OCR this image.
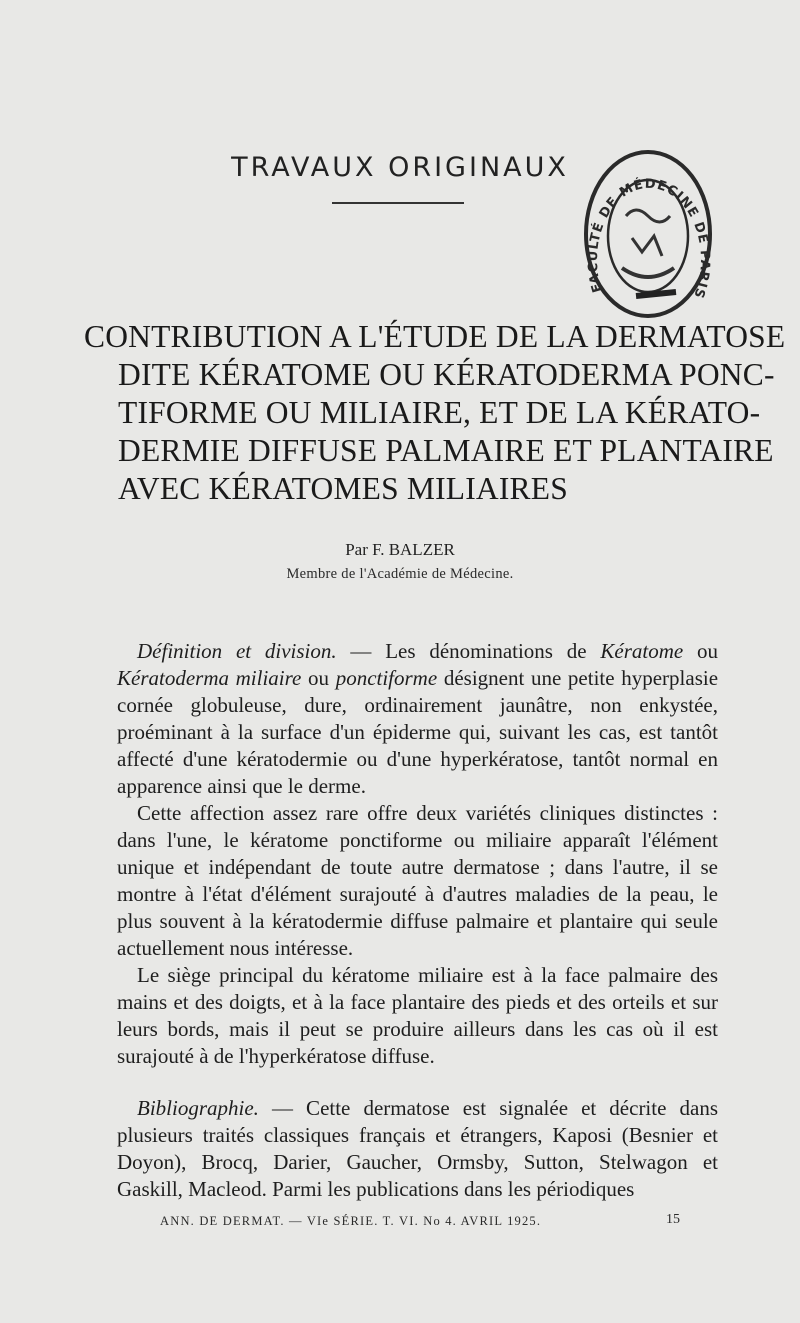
TRAVAUX ORIGINAUX
FACULTÉ DE MÉDECINE DE PARIS
CONTRIBUTION A L'ÉTUDE DE LA DERMATOSE
DITE KÉRATOME OU KÉRATODERMA PONC-
TIFORME OU MILIAIRE, ET DE LA KÉRATO-
DERMIE DIFFUSE PALMAIRE ET PLANTAIRE
AVEC KÉRATOMES MILIAIRES
Par F. BALZER
Membre de l'Académie de Médecine.

Définition et division. — Les dénominations de Kératome ou Kératoderma miliaire ou ponctiforme désignent une petite hyperplasie cornée globuleuse, dure, ordinairement jaunâtre, non enkystée, proéminant à la surface d'un épiderme qui, suivant les cas, est tantôt affecté d'une kératodermie ou d'une hyperkératose, tantôt normal en apparence ainsi que le derme.

Cette affection assez rare offre deux variétés cliniques distinctes : dans l'une, le kératome ponctiforme ou miliaire apparaît l'élément unique et indépendant de toute autre dermatose ; dans l'autre, il se montre à l'état d'élément surajouté à d'autres maladies de la peau, le plus souvent à la kératodermie diffuse palmaire et plantaire qui seule actuellement nous intéresse.

Le siège principal du kératome miliaire est à la face palmaire des mains et des doigts, et à la face plantaire des pieds et des orteils et sur leurs bords, mais il peut se produire ailleurs dans les cas où il est surajouté à de l'hyperkératose diffuse.

Bibliographie. — Cette dermatose est signalée et décrite dans plusieurs traités classiques français et étrangers, Kaposi (Besnier et Doyon), Brocq, Darier, Gaucher, Ormsby, Sutton, Stelwagon et Gaskill, Macleod. Parmi les publications dans les périodiques

ANN. DE DERMAT. — VIe SÉRIE. T. VI. No 4. AVRIL 1925.	15
